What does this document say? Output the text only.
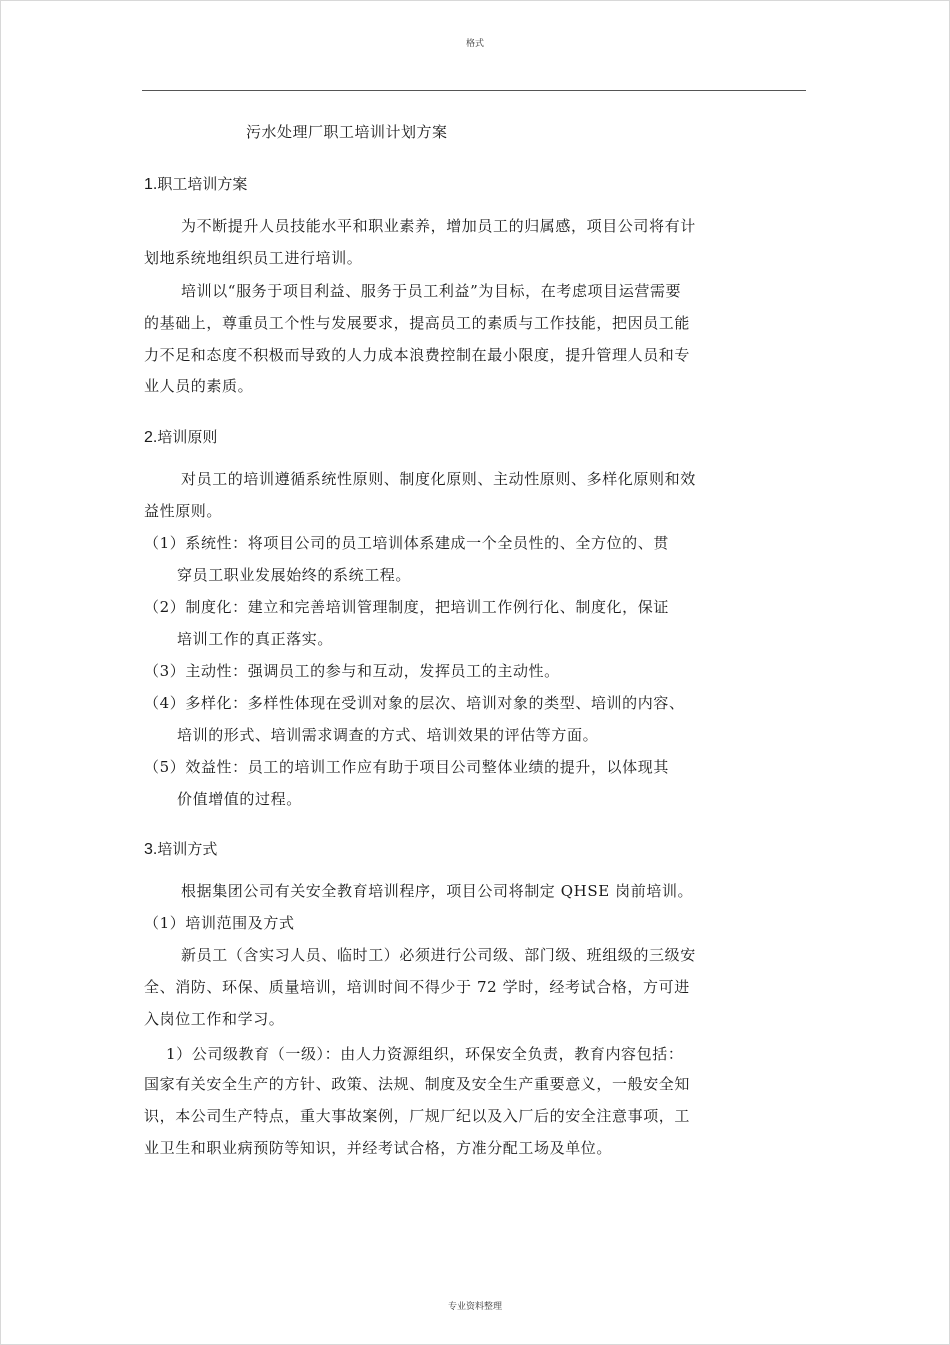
格式
污水处理厂职工培训计划方案
1.职工培训方案
为不断提升人员技能水平和职业素养，增加员工的归属感，项目公司将有计
划地系统地组织员工进行培训。
培训以“服务于项目利益、服务于员工利益”为目标，在考虑项目运营需要
的基础上，尊重员工个性与发展要求，提高员工的素质与工作技能，把因员工能
力不足和态度不积极而导致的人力成本浪费控制在最小限度，提升管理人员和专
业人员的素质。
2.培训原则
对员工的培训遵循系统性原则、制度化原则、主动性原则、多样化原则和效
益性原则。
（1）系统性：将项目公司的员工培训体系建成一个全员性的、全方位的、贯
穿员工职业发展始终的系统工程。
（2）制度化：建立和完善培训管理制度，把培训工作例行化、制度化，保证
培训工作的真正落实。
（3）主动性：强调员工的参与和互动，发挥员工的主动性。
（4）多样化：多样性体现在受训对象的层次、培训对象的类型、培训的内容、
培训的形式、培训需求调查的方式、培训效果的评估等方面。
（5）效益性：员工的培训工作应有助于项目公司整体业绩的提升，以体现其
价值增值的过程。
3.培训方式
根据集团公司有关安全教育培训程序，项目公司将制定 QHSE 岗前培训。
（1）培训范围及方式
新员工（含实习人员、临时工）必须进行公司级、部门级、班组级的三级安
全、消防、环保、质量培训，培训时间不得少于 72 学时，经考试合格，方可进
入岗位工作和学习。
1）公司级教育（一级）：由人力资源组织，环保安全负责，教育内容包括：
国家有关安全生产的方针、政策、法规、制度及安全生产重要意义，一般安全知
识，本公司生产特点，重大事故案例，厂规厂纪以及入厂后的安全注意事项，工
业卫生和职业病预防等知识，并经考试合格，方准分配工场及单位。
专业资料整理
